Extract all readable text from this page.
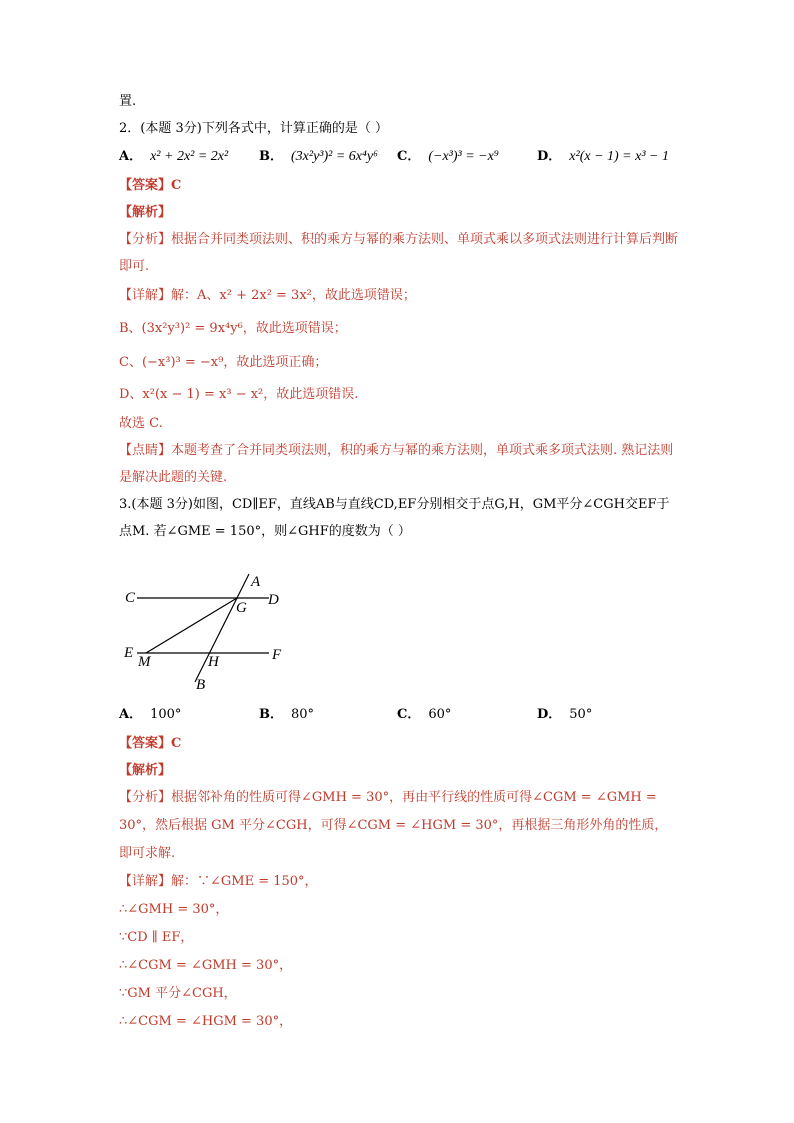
置.
2．(本题 3分)下列各式中，计算正确的是（ ）
A． x² + 2x² = 2x²	B． (3x²y³)² = 6x⁴y⁶	C． (−x³)³ = −x⁹	D． x²(x − 1) = x³ − 1
【答案】C
【解析】
【分析】根据合并同类项法则、积的乘方与幂的乘方法则、单项式乘以多项式法则进行计算后判断即可.
【详解】解：A、x² + 2x² = 3x²，故此选项错误；
B、(3x²y³)² = 9x⁴y⁶，故此选项错误；
C、(−x³)³ = −x⁹，故此选项正确；
D、x²(x − 1) = x³ − x²，故此选项错误.
故选 C.
【点睛】本题考查了合并同类项法则，积的乘方与幂的乘方法则，单项式乘多项式法则. 熟记法则是解决此题的关键.
3.(本题 3分)如图，CD∥EF，直线AB与直线CD,EF分别相交于点G,H，GM平分∠CGH交EF于点M. 若∠GME = 150°，则∠GHF的度数为（ ）
C
A
G D
E
M	H	F
B
A． 100°	B． 80°	C． 60°	D． 50°
【答案】C
【解析】
【分析】根据邻补角的性质可得∠GMH = 30°，再由平行线的性质可得∠CGM = ∠GMH = 30°，然后根据 GM 平分∠CGH，可得∠CGM = ∠HGM = 30°，再根据三角形外角的性质，即可求解.
【详解】解：∵∠GME = 150°，
∴∠GMH = 30°，
∵CD ∥ EF，
∴∠CGM = ∠GMH = 30°，
∵GM 平分∠CGH，
∴∠CGM = ∠HGM = 30°，
